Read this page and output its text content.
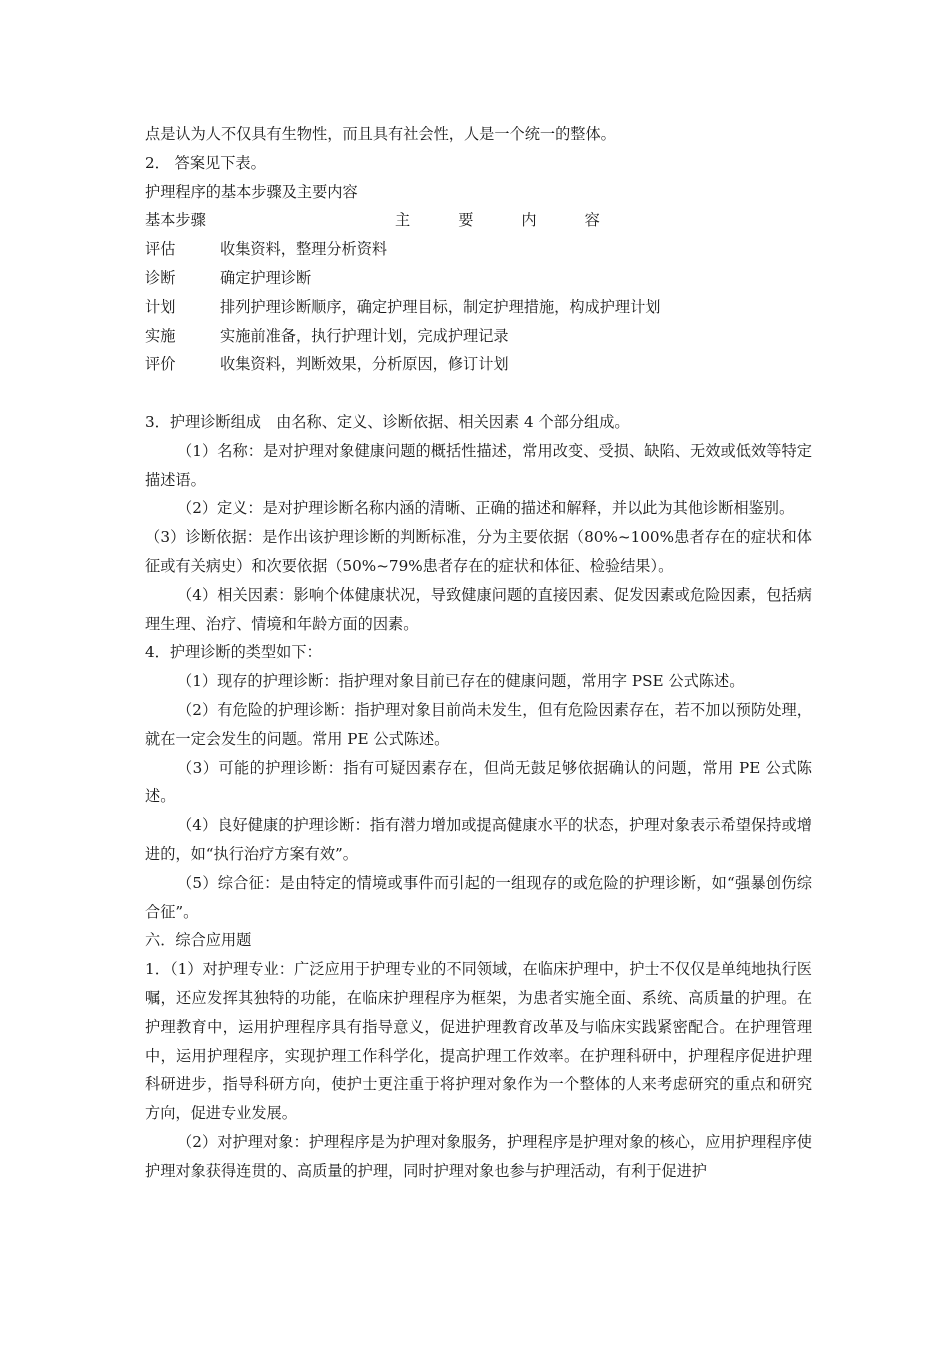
点是认为人不仅具有生物性，而且具有社会性，人是一个统一的整体。

2． 答案见下表。

护理程序的基本步骤及主要内容

基本步骤	主要内容
评估	收集资料，整理分析资料
诊断	确定护理诊断
计划	排列护理诊断顺序，确定护理目标，制定护理措施，构成护理计划
实施	实施前准备，执行护理计划，完成护理记录
评价	收集资料，判断效果，分析原因，修订计划

3．护理诊断组成　由名称、定义、诊断依据、相关因素 4 个部分组成。

（1）名称：是对护理对象健康问题的概括性描述，常用改变、受损、缺陷、无效或低效等特定描述语。

（2）定义：是对护理诊断名称内涵的清晰、正确的描述和解释，并以此为其他诊断相鉴别。

（3）诊断依据：是作出该护理诊断的判断标准，分为主要依据（80%~100%患者存在的症状和体征或有关病史）和次要依据（50%~79%患者存在的症状和体征、检验结果）。

（4）相关因素：影响个体健康状况，导致健康问题的直接因素、促发因素或危险因素，包括病理生理、治疗、情境和年龄方面的因素。

4．护理诊断的类型如下：

（1）现存的护理诊断：指护理对象目前已存在的健康问题，常用字 PSE 公式陈述。

（2）有危险的护理诊断：指护理对象目前尚未发生，但有危险因素存在，若不加以预防处理，就在一定会发生的问题。常用 PE 公式陈述。

（3）可能的护理诊断：指有可疑因素存在，但尚无鼓足够依据确认的问题，常用 PE 公式陈述。

（4）良好健康的护理诊断：指有潜力增加或提高健康水平的状态，护理对象表示希望保持或增进的，如“执行治疗方案有效”。

（5）综合征：是由特定的情境或事件而引起的一组现存的或危险的护理诊断，如“强暴创伤综合征”。

六．综合应用题

1．（1）对护理专业：广泛应用于护理专业的不同领域，在临床护理中，护士不仅仅是单纯地执行医嘱，还应发挥其独特的功能，在临床护理程序为框架，为患者实施全面、系统、高质量的护理。在护理教育中，运用护理程序具有指导意义，促进护理教育改革及与临床实践紧密配合。在护理管理中，运用护理程序，实现护理工作科学化，提高护理工作效率。在护理科研中，护理程序促进护理科研进步，指导科研方向，使护士更注重于将护理对象作为一个整体的人来考虑研究的重点和研究方向，促进专业发展。

（2）对护理对象：护理程序是为护理对象服务，护理程序是护理对象的核心，应用护理程序使护理对象获得连贯的、高质量的护理，同时护理对象也参与护理活动，有利于促进护
